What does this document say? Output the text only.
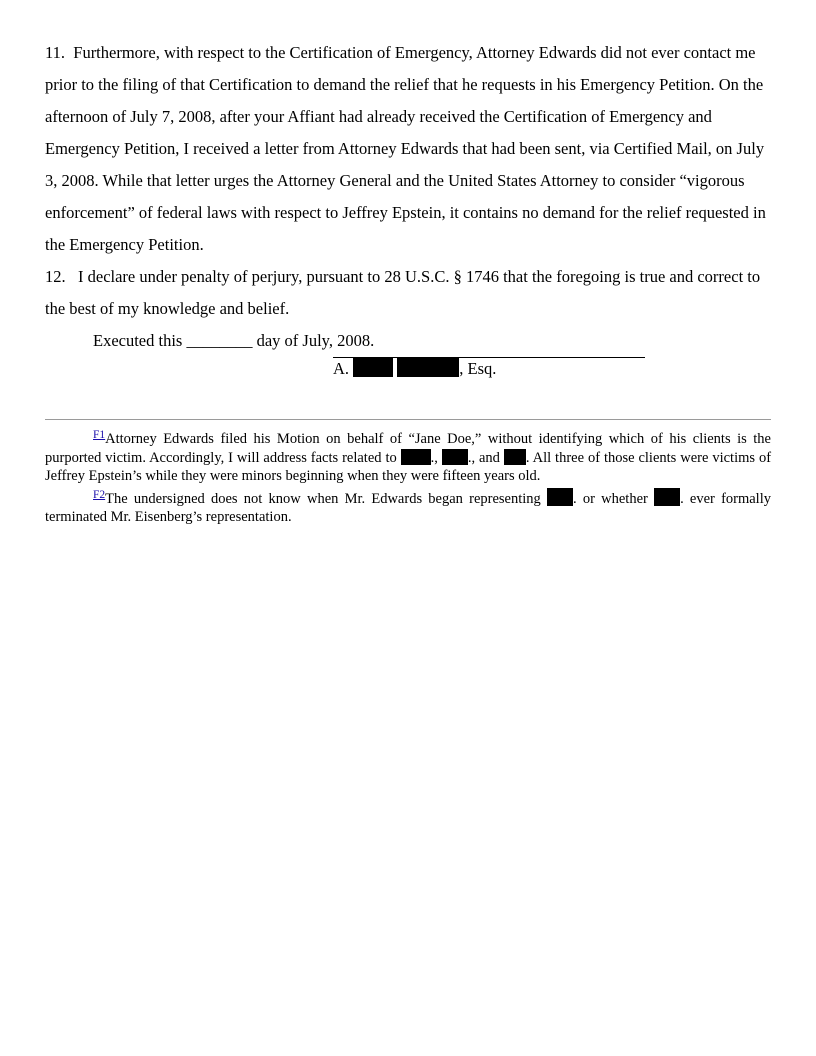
11. Furthermore, with respect to the Certification of Emergency, Attorney Edwards did not ever contact me prior to the filing of that Certification to demand the relief that he requests in his Emergency Petition. On the afternoon of July 7, 2008, after your Affiant had already received the Certification of Emergency and Emergency Petition, I received a letter from Attorney Edwards that had been sent, via Certified Mail, on July 3, 2008. While that letter urges the Attorney General and the United States Attorney to consider “vigorous enforcement” of federal laws with respect to Jeffrey Epstein, it contains no demand for the relief requested in the Emergency Petition.

12. I declare under penalty of perjury, pursuant to 28 U.S.C. § 1746 that the foregoing is true and correct to the best of my knowledge and belief.

Executed this ________ day of July, 2008.

A.	, Esq.

$^{F1}$Attorney Edwards filed his Motion on behalf of “Jane Doe,” without identifying which of his clients is the purported victim. Accordingly, I will address facts related to ., ., and . All three of those clients were victims of Jeffrey Epstein’s while they were minors beginning when they were fifteen years old.

$^{F2}$The undersigned does not know when Mr. Edwards began representing . or whether . ever formally terminated Mr. Eisenberg’s representation.
